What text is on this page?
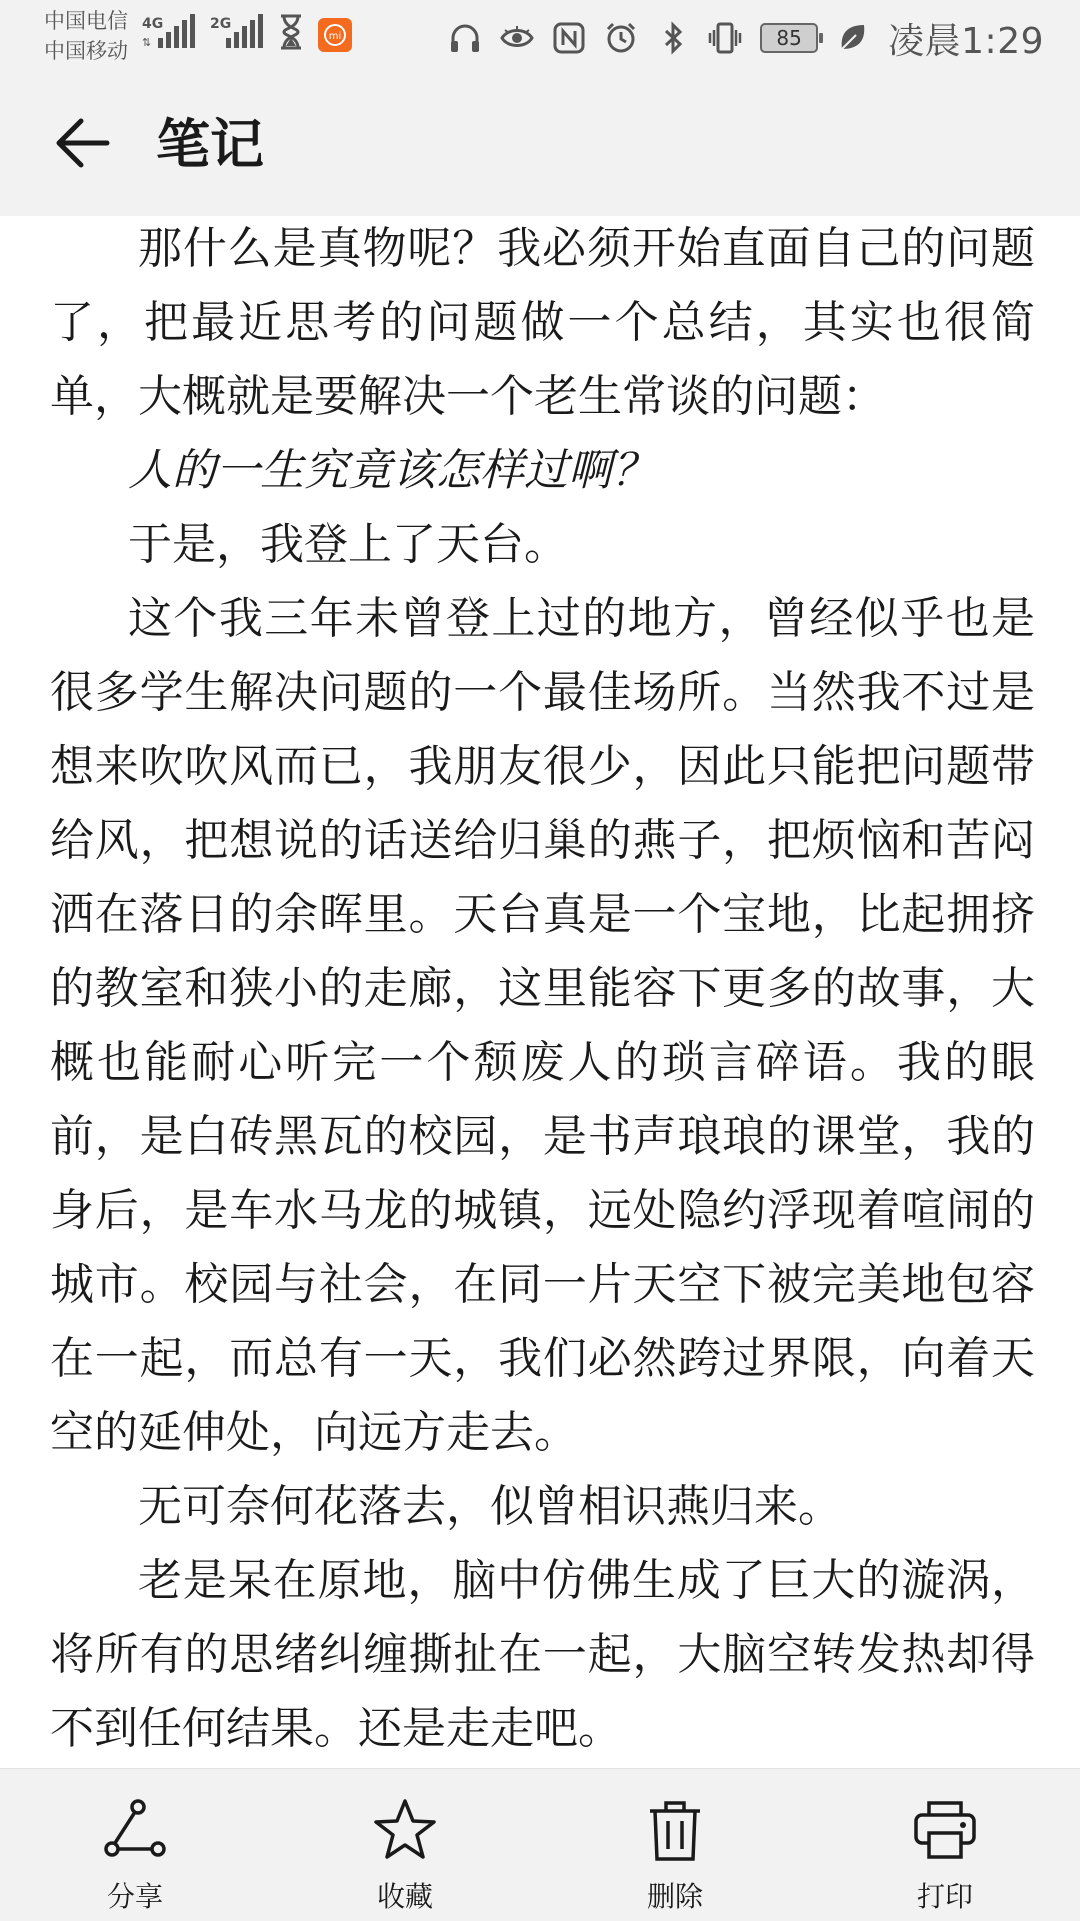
中国电信
中国移动
4G
⇅
2G
mi	85	凌晨1:29
笔记

那什么是真物呢？我必须开始直面自己的问题了，把最近思考的问题做一个总结，其实也很简单，大概就是要解决一个老生常谈的问题：

人的一生究竟该怎样过啊？

于是，我登上了天台。

这个我三年未曾登上过的地方，曾经似乎也是很多学生解决问题的一个最佳场所。当然我不过是想来吹吹风而已，我朋友很少，因此只能把问题带给风，把想说的话送给归巢的燕子，把烦恼和苦闷洒在落日的余晖里。天台真是一个宝地，比起拥挤的教室和狭小的走廊，这里能容下更多的故事，大概也能耐心听完一个颓废人的琐言碎语。我的眼前，是白砖黑瓦的校园，是书声琅琅的课堂，我的身后，是车水马龙的城镇，远处隐约浮现着喧闹的城市。校园与社会，在同一片天空下被完美地包容在一起，而总有一天，我们必然跨过界限，向着天空的延伸处，向远方走去。

无可奈何花落去，似曾相识燕归来。

老是呆在原地，脑中仿佛生成了巨大的漩涡，将所有的思绪纠缠撕扯在一起，大脑空转发热却得不到任何结果。还是走走吧。

分享	收藏	删除	打印
